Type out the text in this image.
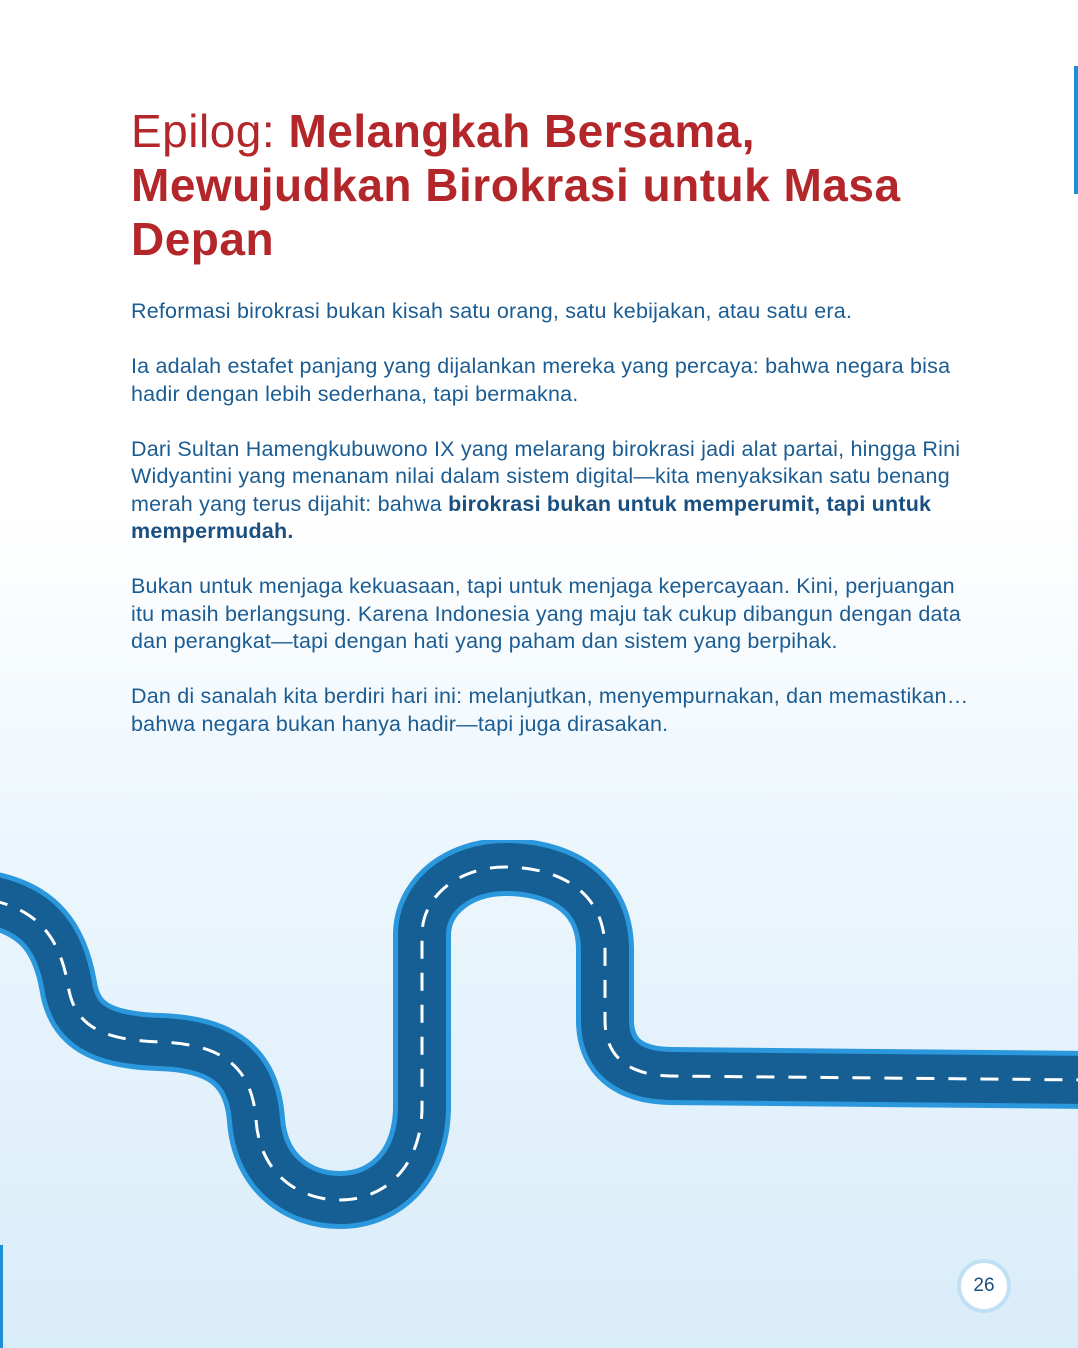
Epilog: Melangkah Bersama, Mewujudkan Birokrasi untuk Masa Depan

Reformasi birokrasi bukan kisah satu orang, satu kebijakan, atau satu era.

Ia adalah estafet panjang yang dijalankan mereka yang percaya: bahwa negara bisa hadir dengan lebih sederhana, tapi bermakna.

Dari Sultan Hamengkubuwono IX yang melarang birokrasi jadi alat partai, hingga Rini Widyantini yang menanam nilai dalam sistem digital—kita menyaksikan satu benang merah yang terus dijahit: bahwa birokrasi bukan untuk memperumit, tapi untuk mempermudah.

Bukan untuk menjaga kekuasaan, tapi untuk menjaga kepercayaan. Kini, perjuangan itu masih berlangsung. Karena Indonesia yang maju tak cukup dibangun dengan data dan perangkat—tapi dengan hati yang paham dan sistem yang berpihak.

Dan di sanalah kita berdiri hari ini: melanjutkan, menyempurnakan, dan memastikan… bahwa negara bukan hanya hadir—tapi juga dirasakan.

26
